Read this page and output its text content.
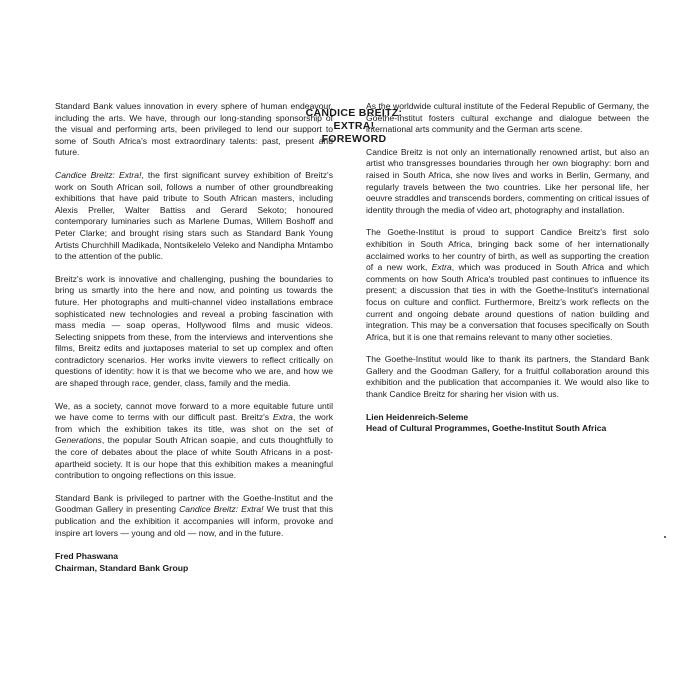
CANDICE BREITZ: EXTRA!
FOREWORD

Standard Bank values innovation in every sphere of human endeavour, including the arts. We have, through our long-standing sponsorship of the visual and performing arts, been privileged to lend our support to some of South Africa's most extraordinary talents: past, present and future.

Candice Breitz: Extra!, the first significant survey exhibition of Breitz's work on South African soil, follows a number of other groundbreaking exhibitions that have paid tribute to South African masters, including Alexis Preller, Walter Battiss and Gerard Sekoto; honoured contemporary luminaries such as Marlene Dumas, Willem Boshoff and Peter Clarke; and brought rising stars such as Standard Bank Young Artists Churchhill Madikada, Nontsikelelo Veleko and Nandipha Mntambo to the attention of the public.

Breitz's work is innovative and challenging, pushing the boundaries to bring us smartly into the here and now, and pointing us towards the future. Her photographs and multi-channel video installations embrace sophisticated new technologies and reveal a probing fascination with mass media — soap operas, Hollywood films and music videos. Selecting snippets from these, from the interviews and interventions she films, Breitz edits and juxtaposes material to set up complex and often contradictory scenarios. Her works invite viewers to reflect critically on questions of identity: how it is that we become who we are, and how we are shaped through race, gender, class, family and the media.

We, as a society, cannot move forward to a more equitable future until we have come to terms with our difficult past. Breitz's Extra, the work from which the exhibition takes its title, was shot on the set of Generations, the popular South African soapie, and cuts thoughtfully to the core of debates about the place of white South Africans in a post-apartheid society. It is our hope that this exhibition makes a meaningful contribution to ongoing reflections on this issue.

Standard Bank is privileged to partner with the Goethe-Institut and the Goodman Gallery in presenting Candice Breitz: Extra! We trust that this publication and the exhibition it accompanies will inform, provoke and inspire art lovers — young and old — now, and in the future.

Fred Phaswana
Chairman, Standard Bank Group

As the worldwide cultural institute of the Federal Republic of Germany, the Goethe-Institut fosters cultural exchange and dialogue between the international arts community and the German arts scene.

Candice Breitz is not only an internationally renowned artist, but also an artist who transgresses boundaries through her own biography: born and raised in South Africa, she now lives and works in Berlin, Germany, and regularly travels between the two countries. Like her personal life, her oeuvre straddles and transcends borders, commenting on critical issues of identity through the media of video art, photography and installation.

The Goethe-Institut is proud to support Candice Breitz's first solo exhibition in South Africa, bringing back some of her internationally acclaimed works to her country of birth, as well as supporting the creation of a new work, Extra, which was produced in South Africa and which comments on how South Africa's troubled past continues to influence its present; a discussion that ties in with the Goethe-Institut's international focus on culture and conflict. Furthermore, Breitz's work reflects on the current and ongoing debate around questions of nation building and integration. This may be a conversation that focuses specifically on South Africa, but it is one that remains relevant to many other societies.

The Goethe-Institut would like to thank its partners, the Standard Bank Gallery and the Goodman Gallery, for a fruitful collaboration around this exhibition and the publication that accompanies it. We would also like to thank Candice Breitz for sharing her vision with us.

Lien Heidenreich-Seleme
Head of Cultural Programmes, Goethe-Institut South Africa
